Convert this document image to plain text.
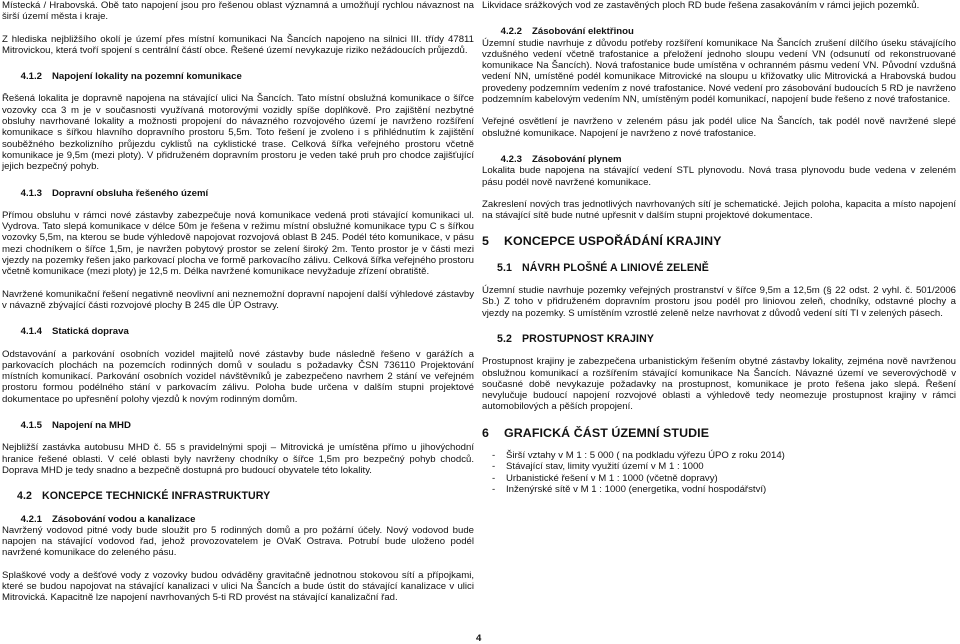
Místecká / Hrabovská. Obě tato napojení jsou pro řešenou oblast významná a umožňují rychlou návaznost na širší území města i kraje.

Z hlediska nejbližšího okolí je území přes místní komunikaci Na Šancích napojeno na silnici III. třídy 47811 Mitrovickou, která tvoří spojení s centrální částí obce. Řešené území nevykazuje riziko nežádoucích průjezdů.

4.1.2 Napojení lokality na pozemní komunikace

Řešená lokalita je dopravně napojena na stávající ulici Na Šancích. Tato místní obslužná komunikace o šířce vozovky cca 3 m je v současnosti využívaná motorovými vozidly spíše doplňkově. Pro zajištění nezbytné obsluhy navrhované lokality a možnosti propojení do návazného rozvojového území je navrženo rozšíření komunikace s šířkou hlavního dopravního prostoru 5,5m. Toto řešení je zvoleno i s přihlédnutím k zajištění souběžného bezkolizního průjezdu cyklistů na cyklistické trase. Celková šířka veřejného prostoru včetně komunikace je 9,5m (mezi ploty). V přidruženém dopravním prostoru je veden také pruh pro chodce zajišťující jejich bezpečný pohyb.

4.1.3 Dopravní obsluha řešeného území

Přímou obsluhu v rámci nové zástavby zabezpečuje nová komunikace vedená proti stávající komunikaci ul. Vydrova. Tato slepá komunikace v délce 50m je řešena v režimu místní obslužné komunikace typu C s šířkou vozovky 5,5m, na kterou se bude výhledově napojovat rozvojová oblast B 245. Podél této komunikace, v pásu mezi chodníkem o šířce 1,5m, je navržen pobytový prostor se zelení široký 2m. Tento prostor je v části mezi vjezdy na pozemky řešen jako parkovací plocha ve formě parkovacího zálivu. Celková šířka veřejného prostoru včetně komunikace (mezi ploty) je 12,5 m. Délka navržené komunikace nevyžaduje zřízení obratiště.

Navržené komunikační řešení negativně neovlivní ani neznemožní dopravní napojení další výhledové zástavby v návazně zbývající části rozvojové plochy B 245 dle ÚP Ostravy.

4.1.4 Statická doprava

Odstavování a parkování osobních vozidel majitelů nové zástavby bude následně řešeno v garážích a parkovacích plochách na pozemcích rodinných domů v souladu s požadavky ČSN 736110 Projektování místních komunikací. Parkování osobních vozidel návštěvníků je zabezpečeno navrhem 2 stání ve veřejném prostoru formou podélného stání v parkovacím zálivu. Poloha bude určena v dalším stupni projektové dokumentace po upřesnění polohy vjezdů k novým rodinným domům.

4.1.5 Napojení na MHD

Nejbližší zastávka autobusu MHD č. 55 s pravidelnými spoji – Mitrovická je umístěna přímo u jihovýchodní hranice řešené oblasti. V celé oblasti byly navrženy chodníky o šířce 1,5m pro bezpečný pohyb chodců. Doprava MHD je tedy snadno a bezpečně dostupná pro budoucí obyvatele této lokality.

4.2 KONCEPCE TECHNICKÉ INFRASTRUKTURY

4.2.1 Zásobování vodou a kanalizace

Navržený vodovod pitné vody bude sloužit pro 5 rodinných domů a pro požární účely. Nový vodovod bude napojen na stávající vodovod řad, jehož provozovatelem je OVaK Ostrava. Potrubí bude uloženo podél navržené komunikace do zeleného pásu.

Splaškové vody a dešťové vody z vozovky budou odváděny gravitačně jednotnou stokovou sítí a přípojkami, které se budou napojovat na stávající kanalizaci v ulici Na Šancích a bude ústit do stávající kanalizace v ulici Mitrovická. Kapacitně lze napojení navrhovaných 5-ti RD provést na stávající kanalizační řad.

Likvidace srážkových vod ze zastavěných ploch RD bude řešena zasakováním v rámci jejich pozemků.

4.2.2 Zásobování elektřinou

Územní studie navrhuje z důvodu potřeby rozšíření komunikace Na Šancích zrušení dílčího úseku stávajícího vzdušného vedení včetně trafostanice a přeložení jednoho sloupu vedení VN (odsunutí od rekonstruované komunikace Na Šancích). Nová trafostanice bude umístěna v ochranném pásmu vedení VN. Původní vzdušná vedení NN, umístěné podél komunikace Mitrovické na sloupu u křižovatky ulic Mitrovická a Hrabovská budou provedeny podzemním vedením z nové trafostanice. Nové vedení pro zásobování budoucích 5 RD je navrženo podzemním kabelovým vedením NN, umístěným podél komunikací, napojení bude řešeno z nové trafostanice.

Veřejné osvětlení je navrženo v zeleném pásu jak podél ulice Na Šancích, tak podél nově navržené slepé obslužné komunikace. Napojení je navrženo z nové trafostanice.

4.2.3 Zásobování plynem

Lokalita bude napojena na stávající vedení STL plynovodu. Nová trasa plynovodu bude vedena v zeleném pásu podél nově navržené komunikace.

Zakreslení nových tras jednotlivých navrhovaných sítí je schematické. Jejich poloha, kapacita a místo napojení na stávající sítě bude nutné upřesnit v dalším stupni projektové dokumentace.

5 KONCEPCE USPOŘÁDÁNÍ KRAJINY

5.1 NÁVRH PLOŠNÉ A LINIOVÉ ZELENĚ

Územní studie navrhuje pozemky veřejných prostranství v šířce 9,5m a 12,5m (§ 22 odst. 2 vyhl. č. 501/2006 Sb.) Z toho v přidruženém dopravním prostoru jsou podél pro liniovou zeleň, chodníky, odstavné plochy a vjezdy na pozemky. S umístěním vzrostlé zeleně nelze navrhovat z důvodů vedení sítí TI v zelených pásech.

5.2 PROSTUPNOST KRAJINY

Prostupnost krajiny je zabezpečena urbanistickým řešením obytné zástavby lokality, zejména nově navrženou obslužnou komunikací a rozšířením stávající komunikace Na Šancích. Návazné území ve severovýchodě v současné době nevykazuje požadavky na prostupnost, komunikace je proto řešena jako slepá. Řešení nevylučuje budoucí napojení rozvojové oblasti a výhledově tedy neomezuje prostupnost krajiny v rámci automobilových a pěších propojení.

6 GRAFICKÁ ČÁST ÚZEMNÍ STUDIE

- Širší vztahy v M 1 : 5 000 ( na podkladu výřezu ÚPO z roku 2014)
- Stávající stav, limity využití území v M 1 : 1000
- Urbanistické řešení v M 1 : 1000 (včetně dopravy)
- Inženýrské sítě v M 1 : 1000 (energetika, vodní hospodářství)
4
